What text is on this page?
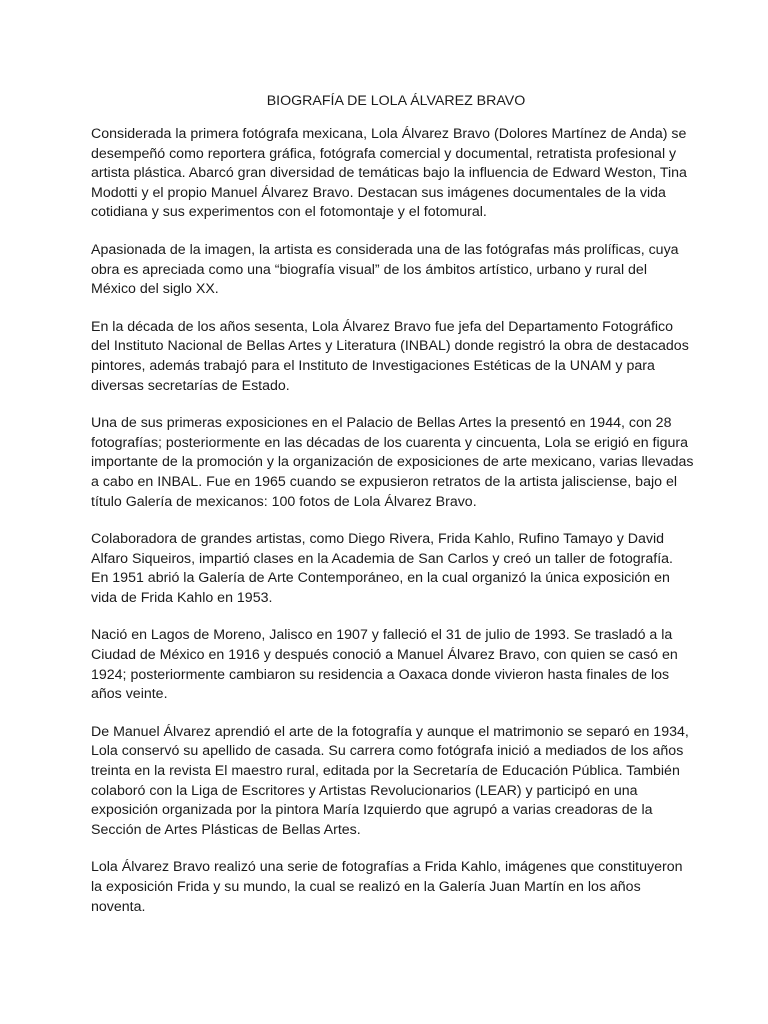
BIOGRAFÍA DE LOLA ÁLVAREZ BRAVO
Considerada la primera fotógrafa mexicana, Lola Álvarez Bravo (Dolores Martínez de Anda) se
desempeñó como reportera gráfica, fotógrafa comercial y documental, retratista profesional y
artista plástica. Abarcó gran diversidad de temáticas bajo la influencia de Edward Weston, Tina
Modotti y el propio Manuel Álvarez Bravo. Destacan sus imágenes documentales de la vida
cotidiana y sus experimentos con el fotomontaje y el fotomural.
Apasionada de la imagen, la artista es considerada una de las fotógrafas más prolíficas, cuya
obra es apreciada como una “biografía visual” de los ámbitos artístico, urbano y rural del
México del siglo XX.
En la década de los años sesenta, Lola Álvarez Bravo fue jefa del Departamento Fotográfico
del Instituto Nacional de Bellas Artes y Literatura (INBAL) donde registró la obra de destacados
pintores, además trabajó para el Instituto de Investigaciones Estéticas de la UNAM y para
diversas secretarías de Estado.
Una de sus primeras exposiciones en el Palacio de Bellas Artes la presentó en 1944, con 28
fotografías; posteriormente en las décadas de los cuarenta y cincuenta, Lola se erigió en figura
importante de la promoción y la organización de exposiciones de arte mexicano, varias llevadas
a cabo en INBAL. Fue en 1965 cuando se expusieron retratos de la artista jalisciense, bajo el
título Galería de mexicanos: 100 fotos de Lola Álvarez Bravo.
Colaboradora de grandes artistas, como Diego Rivera, Frida Kahlo, Rufino Tamayo y David
Alfaro Siqueiros, impartió clases en la Academia de San Carlos y creó un taller de fotografía.
En 1951 abrió la Galería de Arte Contemporáneo, en la cual organizó la única exposición en
vida de Frida Kahlo en 1953.
Nació en Lagos de Moreno, Jalisco en 1907 y falleció el 31 de julio de 1993. Se trasladó a la
Ciudad de México en 1916 y después conoció a Manuel Álvarez Bravo, con quien se casó en
1924; posteriormente cambiaron su residencia a Oaxaca donde vivieron hasta finales de los
años veinte.
De Manuel Álvarez aprendió el arte de la fotografía y aunque el matrimonio se separó en 1934,
Lola conservó su apellido de casada. Su carrera como fotógrafa inició a mediados de los años
treinta en la revista El maestro rural, editada por la Secretaría de Educación Pública. También
colaboró con la Liga de Escritores y Artistas Revolucionarios (LEAR) y participó en una
exposición organizada por la pintora María Izquierdo que agrupó a varias creadoras de la
Sección de Artes Plásticas de Bellas Artes.
Lola Álvarez Bravo realizó una serie de fotografías a Frida Kahlo, imágenes que constituyeron
la exposición Frida y su mundo, la cual se realizó en la Galería Juan Martín en los años
noventa.
